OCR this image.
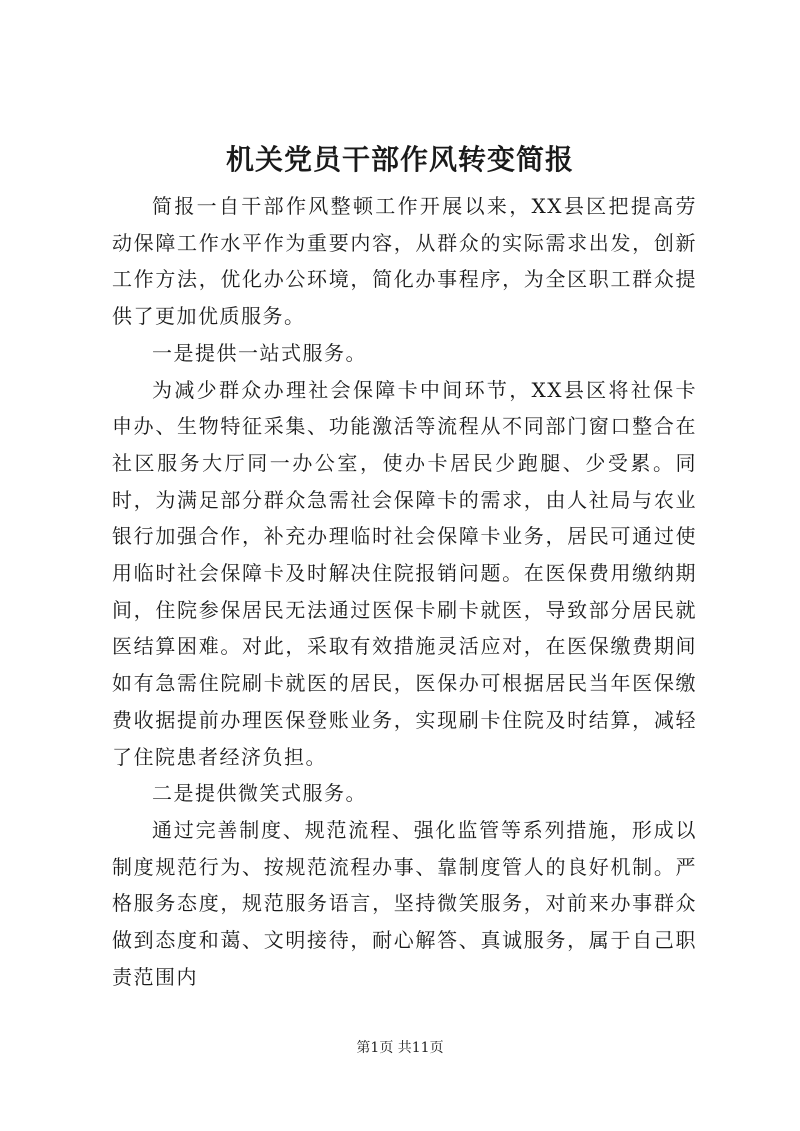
机关党员干部作风转变简报

简报一自干部作风整顿工作开展以来，XX县区把提高劳动保障工作水平作为重要内容，从群众的实际需求出发，创新工作方法，优化办公环境，简化办事程序，为全区职工群众提供了更加优质服务。

一是提供一站式服务。

为减少群众办理社会保障卡中间环节，XX县区将社保卡申办、生物特征采集、功能激活等流程从不同部门窗口整合在社区服务大厅同一办公室，使办卡居民少跑腿、少受累。同时，为满足部分群众急需社会保障卡的需求，由人社局与农业银行加强合作，补充办理临时社会保障卡业务，居民可通过使用临时社会保障卡及时解决住院报销问题。在医保费用缴纳期间，住院参保居民无法通过医保卡刷卡就医，导致部分居民就医结算困难。对此，采取有效措施灵活应对，在医保缴费期间如有急需住院刷卡就医的居民，医保办可根据居民当年医保缴费收据提前办理医保登账业务，实现刷卡住院及时结算，减轻了住院患者经济负担。

二是提供微笑式服务。

通过完善制度、规范流程、强化监管等系列措施，形成以制度规范行为、按规范流程办事、靠制度管人的良好机制。严格服务态度，规范服务语言，坚持微笑服务，对前来办事群众做到态度和蔼、文明接待，耐心解答、真诚服务，属于自己职责范围内

第1页 共11页
